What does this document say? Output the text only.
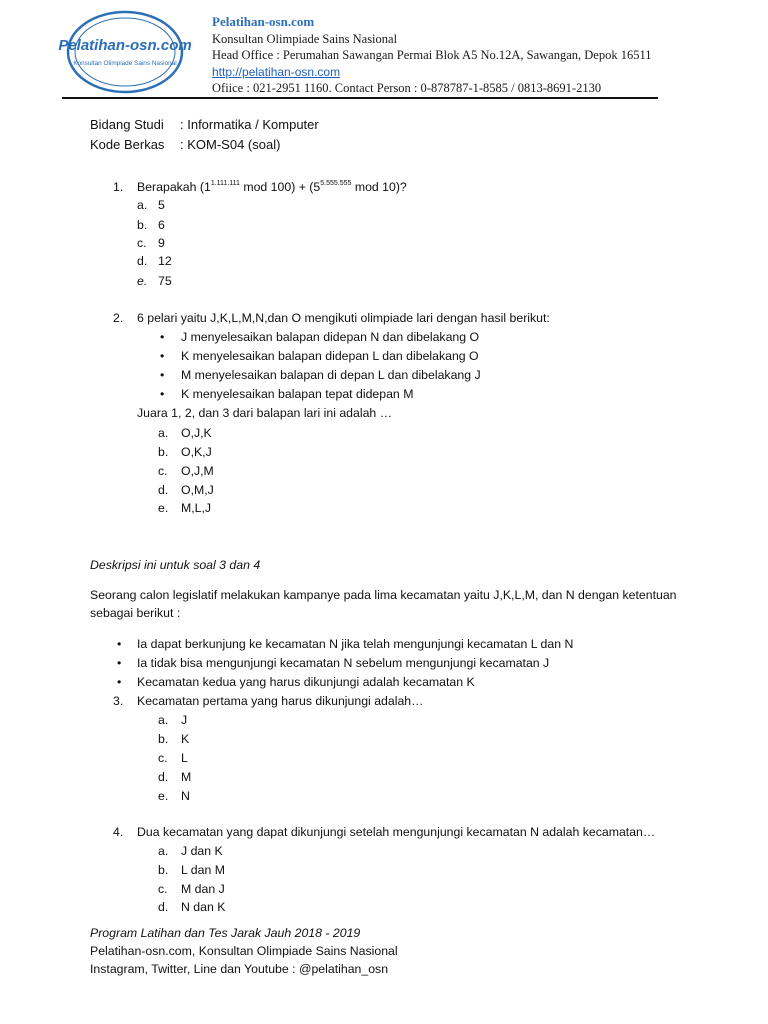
Pelatihan-osn.com
Konsultan Olimpiade Sains Nasional
Pelatihan-osn.com
Konsultan Olimpiade Sains Nasional
Head Office : Perumahan Sawangan Permai Blok A5 No.12A, Sawangan, Depok 16511
http://pelatihan-osn.com
Ofiice : 021-2951 1160. Contact Person : 0-878787-1-8585 / 0813-8691-2130
Bidang Studi : Informatika / Komputer
Kode Berkas : KOM-S04 (soal)
1. Berapakah ($1^{1.111.111}$ mod $100) + (5^{5.555.555}$ mod 10)?
a. 5
b. 6
c. 9
d. 12
e. 75
2. 6 pelari yaitu J,K,L,M,N,dan O mengikuti olimpiade lari dengan hasil berikut:
• J menyelesaikan balapan didepan N dan dibelakang O
• K menyelesaikan balapan didepan L dan dibelakang O
• M menyelesaikan balapan di depan L dan dibelakang J
• K menyelesaikan balapan tepat didepan M
Juara 1, 2, dan 3 dari balapan lari ini adalah …
a. O,J,K
b. O,K,J
c. O,J,M
d. O,M,J
e. M,L,J
Deskripsi ini untuk soal 3 dan 4
Seorang calon legislatif melakukan kampanye pada lima kecamatan yaitu J,K,L,M, dan N dengan ketentuan
sebagai berikut :
• Ia dapat berkunjung ke kecamatan N jika telah mengunjungi kecamatan L dan N
• Ia tidak bisa mengunjungi kecamatan N sebelum mengunjungi kecamatan J
• Kecamatan kedua yang harus dikunjungi adalah kecamatan K
3. Kecamatan pertama yang harus dikunjungi adalah…
a. J
b. K
c. L
d. M
e. N
4. Dua kecamatan yang dapat dikunjungi setelah mengunjungi kecamatan N adalah kecamatan…
a. J dan K
b. L dan M
c. M dan J
d. N dan K
Program Latihan dan Tes Jarak Jauh 2018 - 2019
Pelatihan-osn.com, Konsultan Olimpiade Sains Nasional
Instagram, Twitter, Line dan Youtube : @pelatihan_osn
